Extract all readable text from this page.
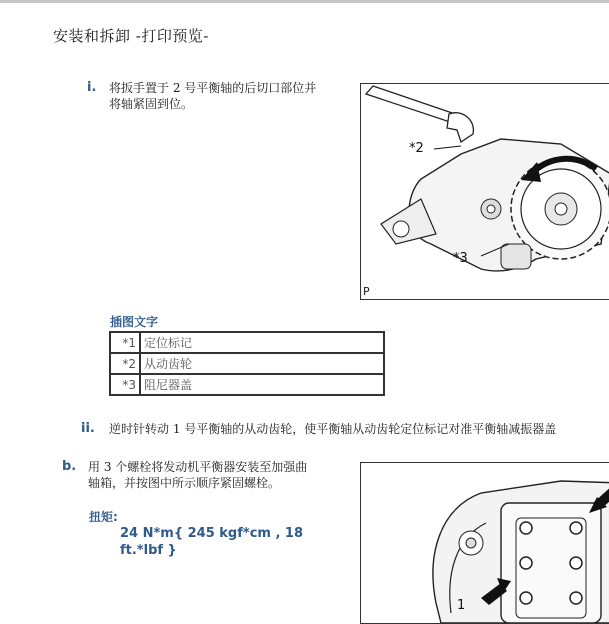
安装和拆卸 -打印预览-
i. 将扳手置于 2 号平衡轴的后切口部位并
将轴紧固到位。
*2
*3
P
插图文字
*1	定位标记
*2	从动齿轮
*3	阻尼器盖
ii. 逆时针转动 1 号平衡轴的从动齿轮，使平衡轴从动齿轮定位标记对准平衡轴减振器盖
b. 用 3 个螺栓将发动机平衡器安装至加强曲
轴箱，并按图中所示顺序紧固螺栓。
扭矩:
24 N*m{ 245 kgf*cm , 18
ft.*lbf }
1
